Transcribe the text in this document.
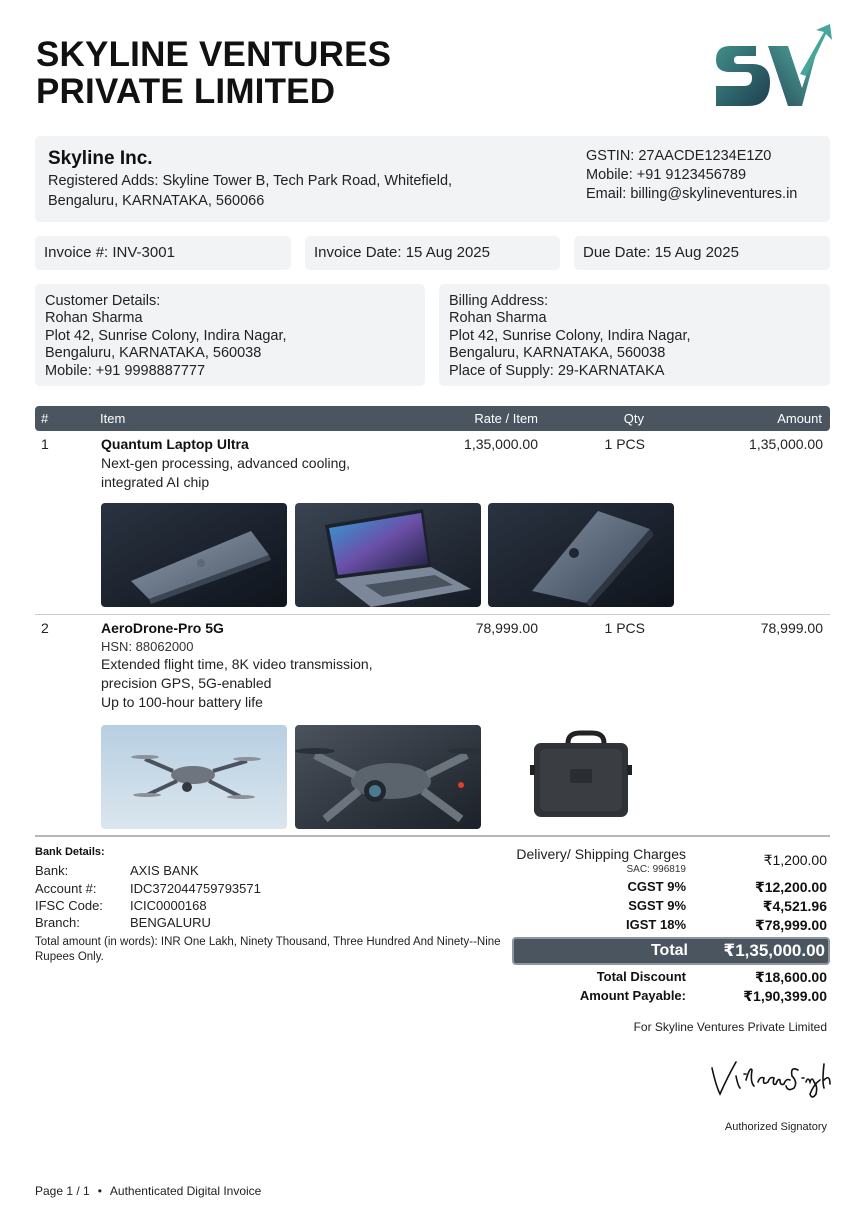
SKYLINE VENTURES
PRIVATE LIMITED
Skyline Inc.
Registered Adds: Skyline Tower B, Tech Park Road, Whitefield,
Bengaluru, KARNATAKA, 560066
GSTIN: 27AACDE1234E1Z0
Mobile: +91 9123456789
Email: billing@skylineventures.in
Invoice #: INV-3001	Invoice Date: 15 Aug 2025	Due Date: 15 Aug 2025
Customer Details:
Rohan Sharma
Plot 42, Sunrise Colony, Indira Nagar,
Bengaluru, KARNATAKA, 560038
Mobile: +91 9998887777
Billing Address:
Rohan Sharma
Plot 42, Sunrise Colony, Indira Nagar,
Bengaluru, KARNATAKA, 560038
Place of Supply: 29-KARNATAKA
#	Item	Rate / Item	Qty	Amount
1	Quantum Laptop Ultra
Next-gen processing, advanced cooling,
integrated AI chip
1,35,000.00	1 PCS	1,35,000.00
2	AeroDrone-Pro 5G
HSN: 88062000
Extended flight time, 8K video transmission,
precision GPS, 5G-enabled
Up to 100-hour battery life
78,999.00	1 PCS	78,999.00
Bank Details:
Bank:	AXIS BANK
Account #:	IDC372044759793571
IFSC Code: ICIC0000168
Branch:	BENGALURU
Total amount (in words): INR One Lakh, Ninety Thousand, Three Hundred And Ninety--Nine Rupees Only.
Delivery/ Shipping Charges
SAC: 996819
₹1,200.00
CGST 9%	₹12,200.00
SGST 9%	₹4,521.96
IGST 18%	₹78,999.00
Total ₹1,35,000.00
Total Discount	₹18,600.00
Amount Payable:	₹1,90,399.00
For Skyline Ventures Private Limited
Authorized Signatory
Page 1 / 1 • Authenticated Digital Invoice
